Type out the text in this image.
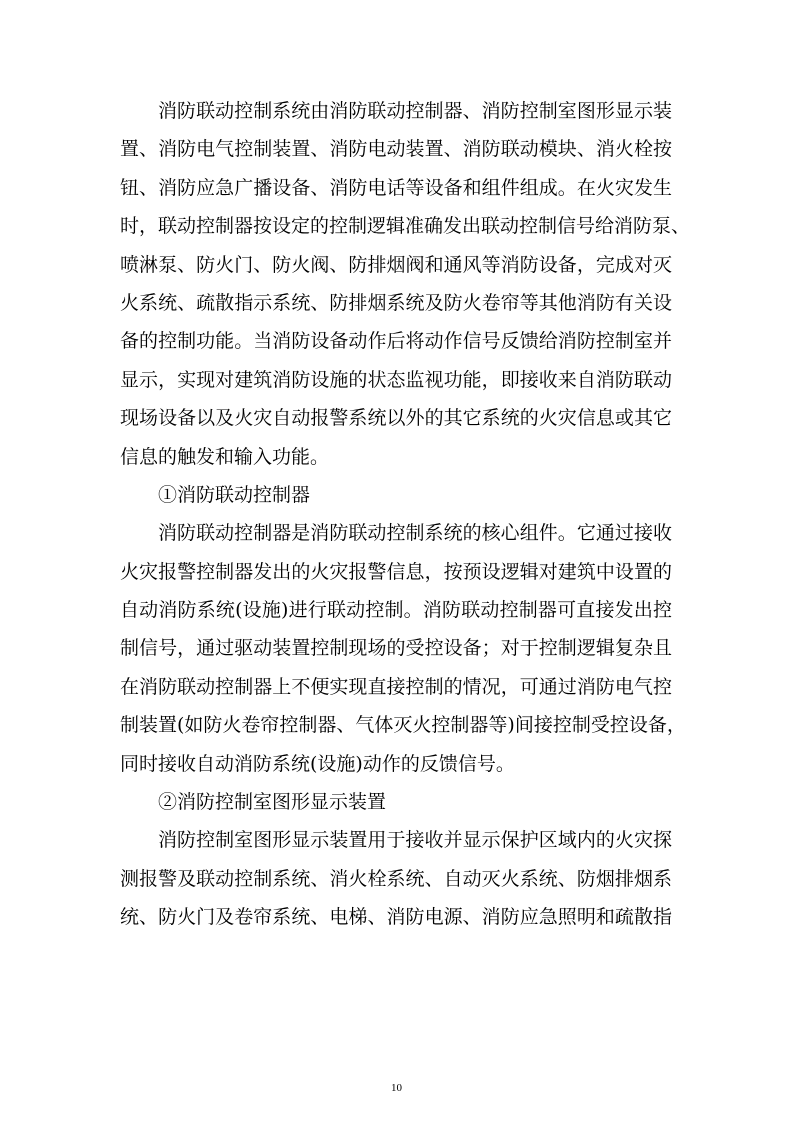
消防联动控制系统由消防联动控制器、消防控制室图形显示装
置、消防电气控制装置、消防电动装置、消防联动模块、消火栓按
钮、消防应急广播设备、消防电话等设备和组件组成。在火灾发生
时，联动控制器按设定的控制逻辑准确发出联动控制信号给消防泵、
喷淋泵、防火门、防火阀、防排烟阀和通风等消防设备，完成对灭
火系统、疏散指示系统、防排烟系统及防火卷帘等其他消防有关设
备的控制功能。当消防设备动作后将动作信号反馈给消防控制室并
显示，实现对建筑消防设施的状态监视功能，即接收来自消防联动
现场设备以及火灾自动报警系统以外的其它系统的火灾信息或其它
信息的触发和输入功能。
①消防联动控制器
消防联动控制器是消防联动控制系统的核心组件。它通过接收
火灾报警控制器发出的火灾报警信息，按预设逻辑对建筑中设置的
自动消防系统(设施)进行联动控制。消防联动控制器可直接发出控
制信号，通过驱动装置控制现场的受控设备；对于控制逻辑复杂且
在消防联动控制器上不便实现直接控制的情况，可通过消防电气控
制装置(如防火卷帘控制器、气体灭火控制器等)间接控制受控设备，
同时接收自动消防系统(设施)动作的反馈信号。
②消防控制室图形显示装置
消防控制室图形显示装置用于接收并显示保护区域内的火灾探
测报警及联动控制系统、消火栓系统、自动灭火系统、防烟排烟系
统、防火门及卷帘系统、电梯、消防电源、消防应急照明和疏散指
10
